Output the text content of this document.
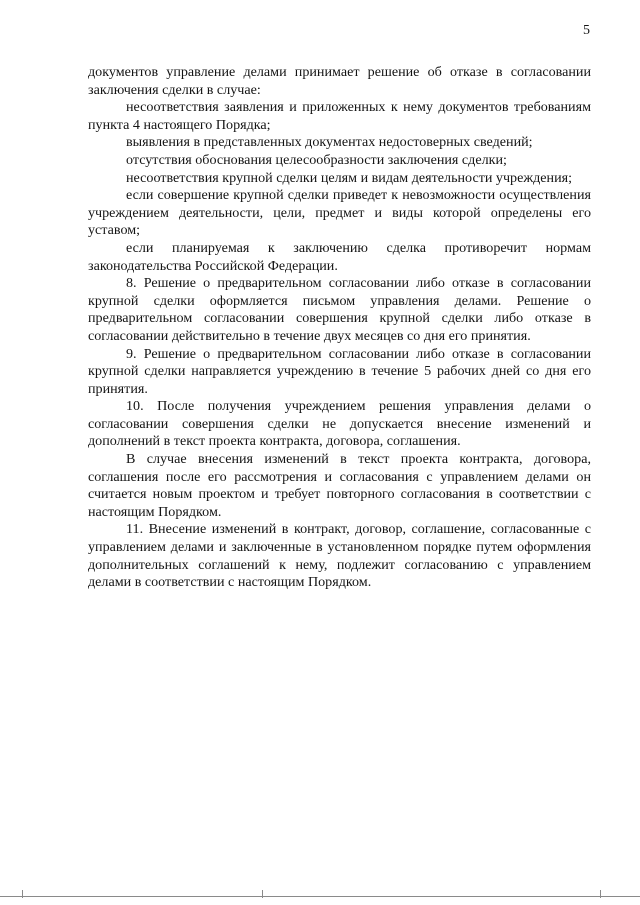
5

документов управление делами принимает решение об отказе в согласовании заключения сделки в случае:

несоответствия заявления и приложенных к нему документов требованиям пункта 4 настоящего Порядка;

выявления в представленных документах недостоверных сведений;

отсутствия обоснования целесообразности заключения сделки;

несоответствия крупной сделки целям и видам деятельности учреждения;

если совершение крупной сделки приведет к невозможности осуществления учреждением деятельности, цели, предмет и виды которой определены его уставом;

если планируемая к заключению сделка противоречит нормам законодательства Российской Федерации.

8. Решение о предварительном согласовании либо отказе в согласовании крупной сделки оформляется письмом управления делами. Решение о предварительном согласовании совершения крупной сделки либо отказе в согласовании действительно в течение двух месяцев со дня его принятия.

9. Решение о предварительном согласовании либо отказе в согласовании крупной сделки направляется учреждению в течение 5 рабочих дней со дня его принятия.

10. После получения учреждением решения управления делами о согласовании совершения сделки не допускается внесение изменений и дополнений в текст проекта контракта, договора, соглашения.

В случае внесения изменений в текст проекта контракта, договора, соглашения после его рассмотрения и согласования с управлением делами он считается новым проектом и требует повторного согласования в соответствии с настоящим Порядком.

11. Внесение изменений в контракт, договор, соглашение, согласованные с управлением делами и заключенные в установленном порядке путем оформления дополнительных соглашений к нему, подлежит согласованию с управлением делами в соответствии с настоящим Порядком.
